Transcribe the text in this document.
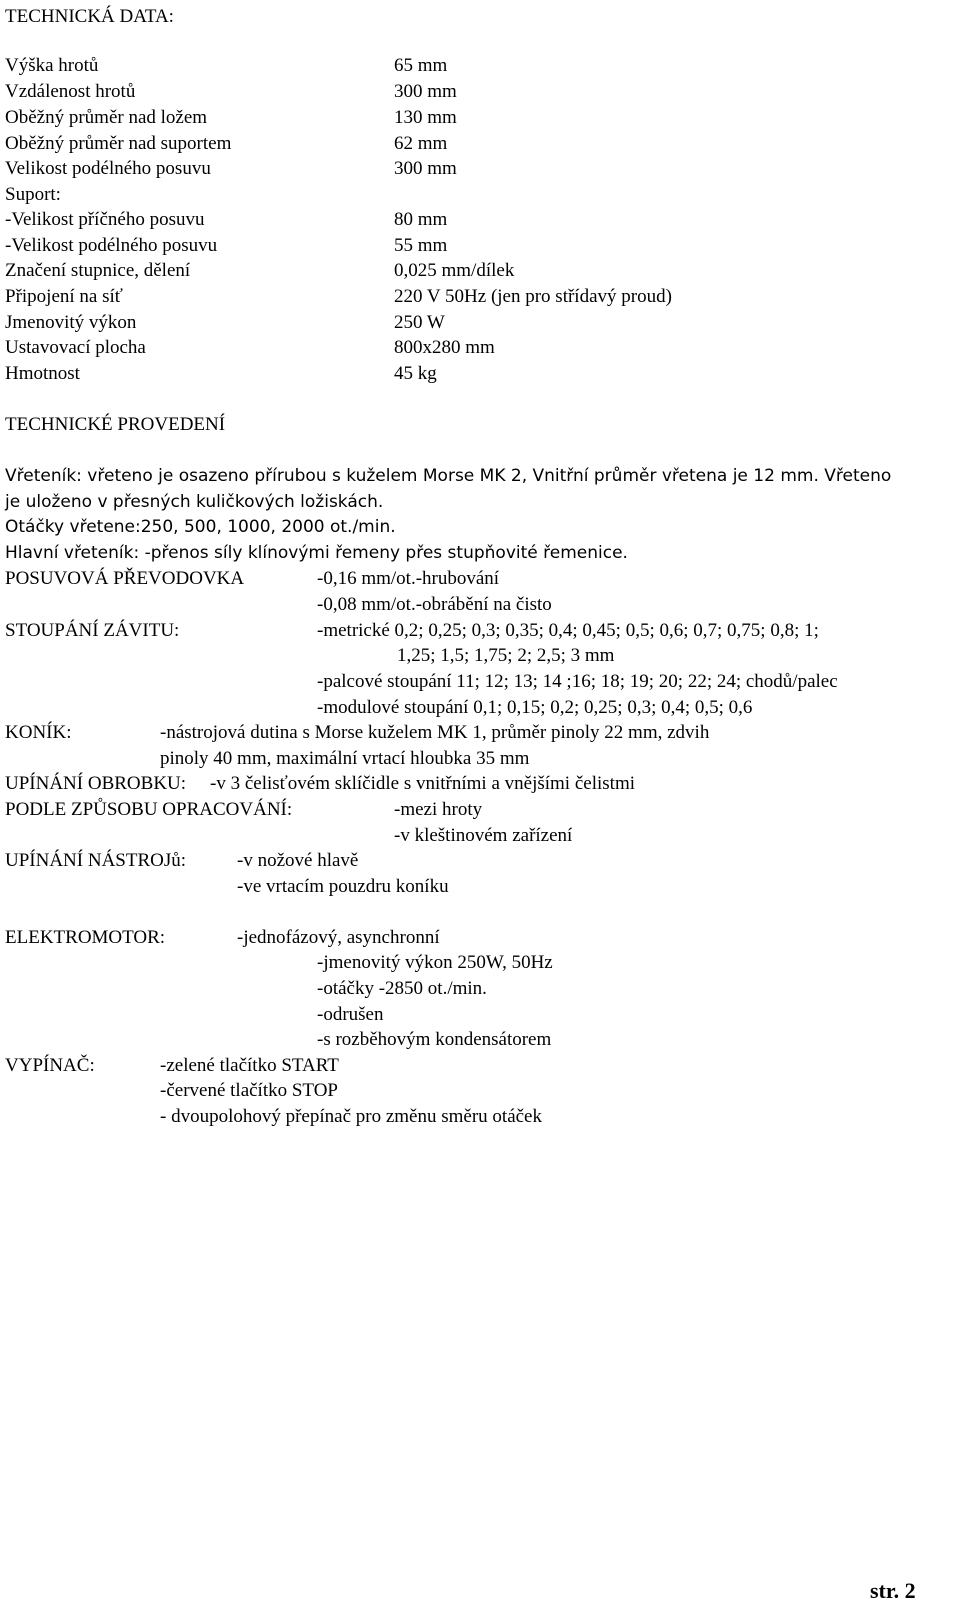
TECHNICKÁ DATA:
Výška hrotů	65 mm
Vzdálenost hrotů	300 mm
Oběžný průměr nad ložem	130 mm
Oběžný průměr nad suportem	62 mm
Velikost podélného posuvu	300 mm
Suport:
-Velikost příčného posuvu	80 mm
-Velikost podélného posuvu	55 mm
Značení stupnice, dělení	0,025 mm/dílek
Připojení na síť	220 V 50Hz (jen pro střídavý proud)
Jmenovitý výkon	250 W
Ustavovací plocha	800x280 mm
Hmotnost	45 kg
TECHNICKÉ PROVEDENÍ
Vřeteník: vřeteno je osazeno přírubou s kuželem Morse MK 2, Vnitřní průměr vřetena je 12 mm. Vřeteno
je uloženo v přesných kuličkových ložiskách.
Otáčky vřetene:250, 500, 1000, 2000 ot./min.
Hlavní vřeteník: -přenos síly klínovými řemeny přes stupňovité řemenice.
POSUVOVÁ PŘEVODOVKA	-0,16 mm/ot.-hrubování
-0,08 mm/ot.-obrábění na čisto
STOUPÁNÍ ZÁVITU:	-metrické 0,2; 0,25; 0,3; 0,35; 0,4; 0,45; 0,5; 0,6; 0,7; 0,75; 0,8; 1;
1,25; 1,5; 1,75; 2; 2,5; 3 mm
-palcové stoupání 11; 12; 13; 14 ;16; 18; 19; 20; 22; 24; chodů/palec
-modulové stoupání 0,1; 0,15; 0,2; 0,25; 0,3; 0,4; 0,5; 0,6
KONÍK:	-nástrojová dutina s Morse kuželem MK 1, průměr pinoly 22 mm, zdvih
pinoly 40 mm, maximální vrtací hloubka 35 mm
UPÍNÁNÍ OBROBKU: -v 3 čelisťovém sklíčidle s vnitřními a vnějšími čelistmi
PODLE ZPŮSOBU OPRACOVÁNÍ:	-mezi hroty
-v kleštinovém zařízení
UPÍNÁNÍ NÁSTROJů:	-v nožové hlavě
-ve vrtacím pouzdru koníku
ELEKTROMOTOR:	-jednofázový, asynchronní
-jmenovitý výkon 250W, 50Hz
-otáčky -2850 ot./min.
-odrušen
-s rozběhovým kondensátorem
VYPÍNAČ:	-zelené tlačítko START
-červené tlačítko STOP
- dvoupolohový přepínač pro změnu směru otáček
str. 2
